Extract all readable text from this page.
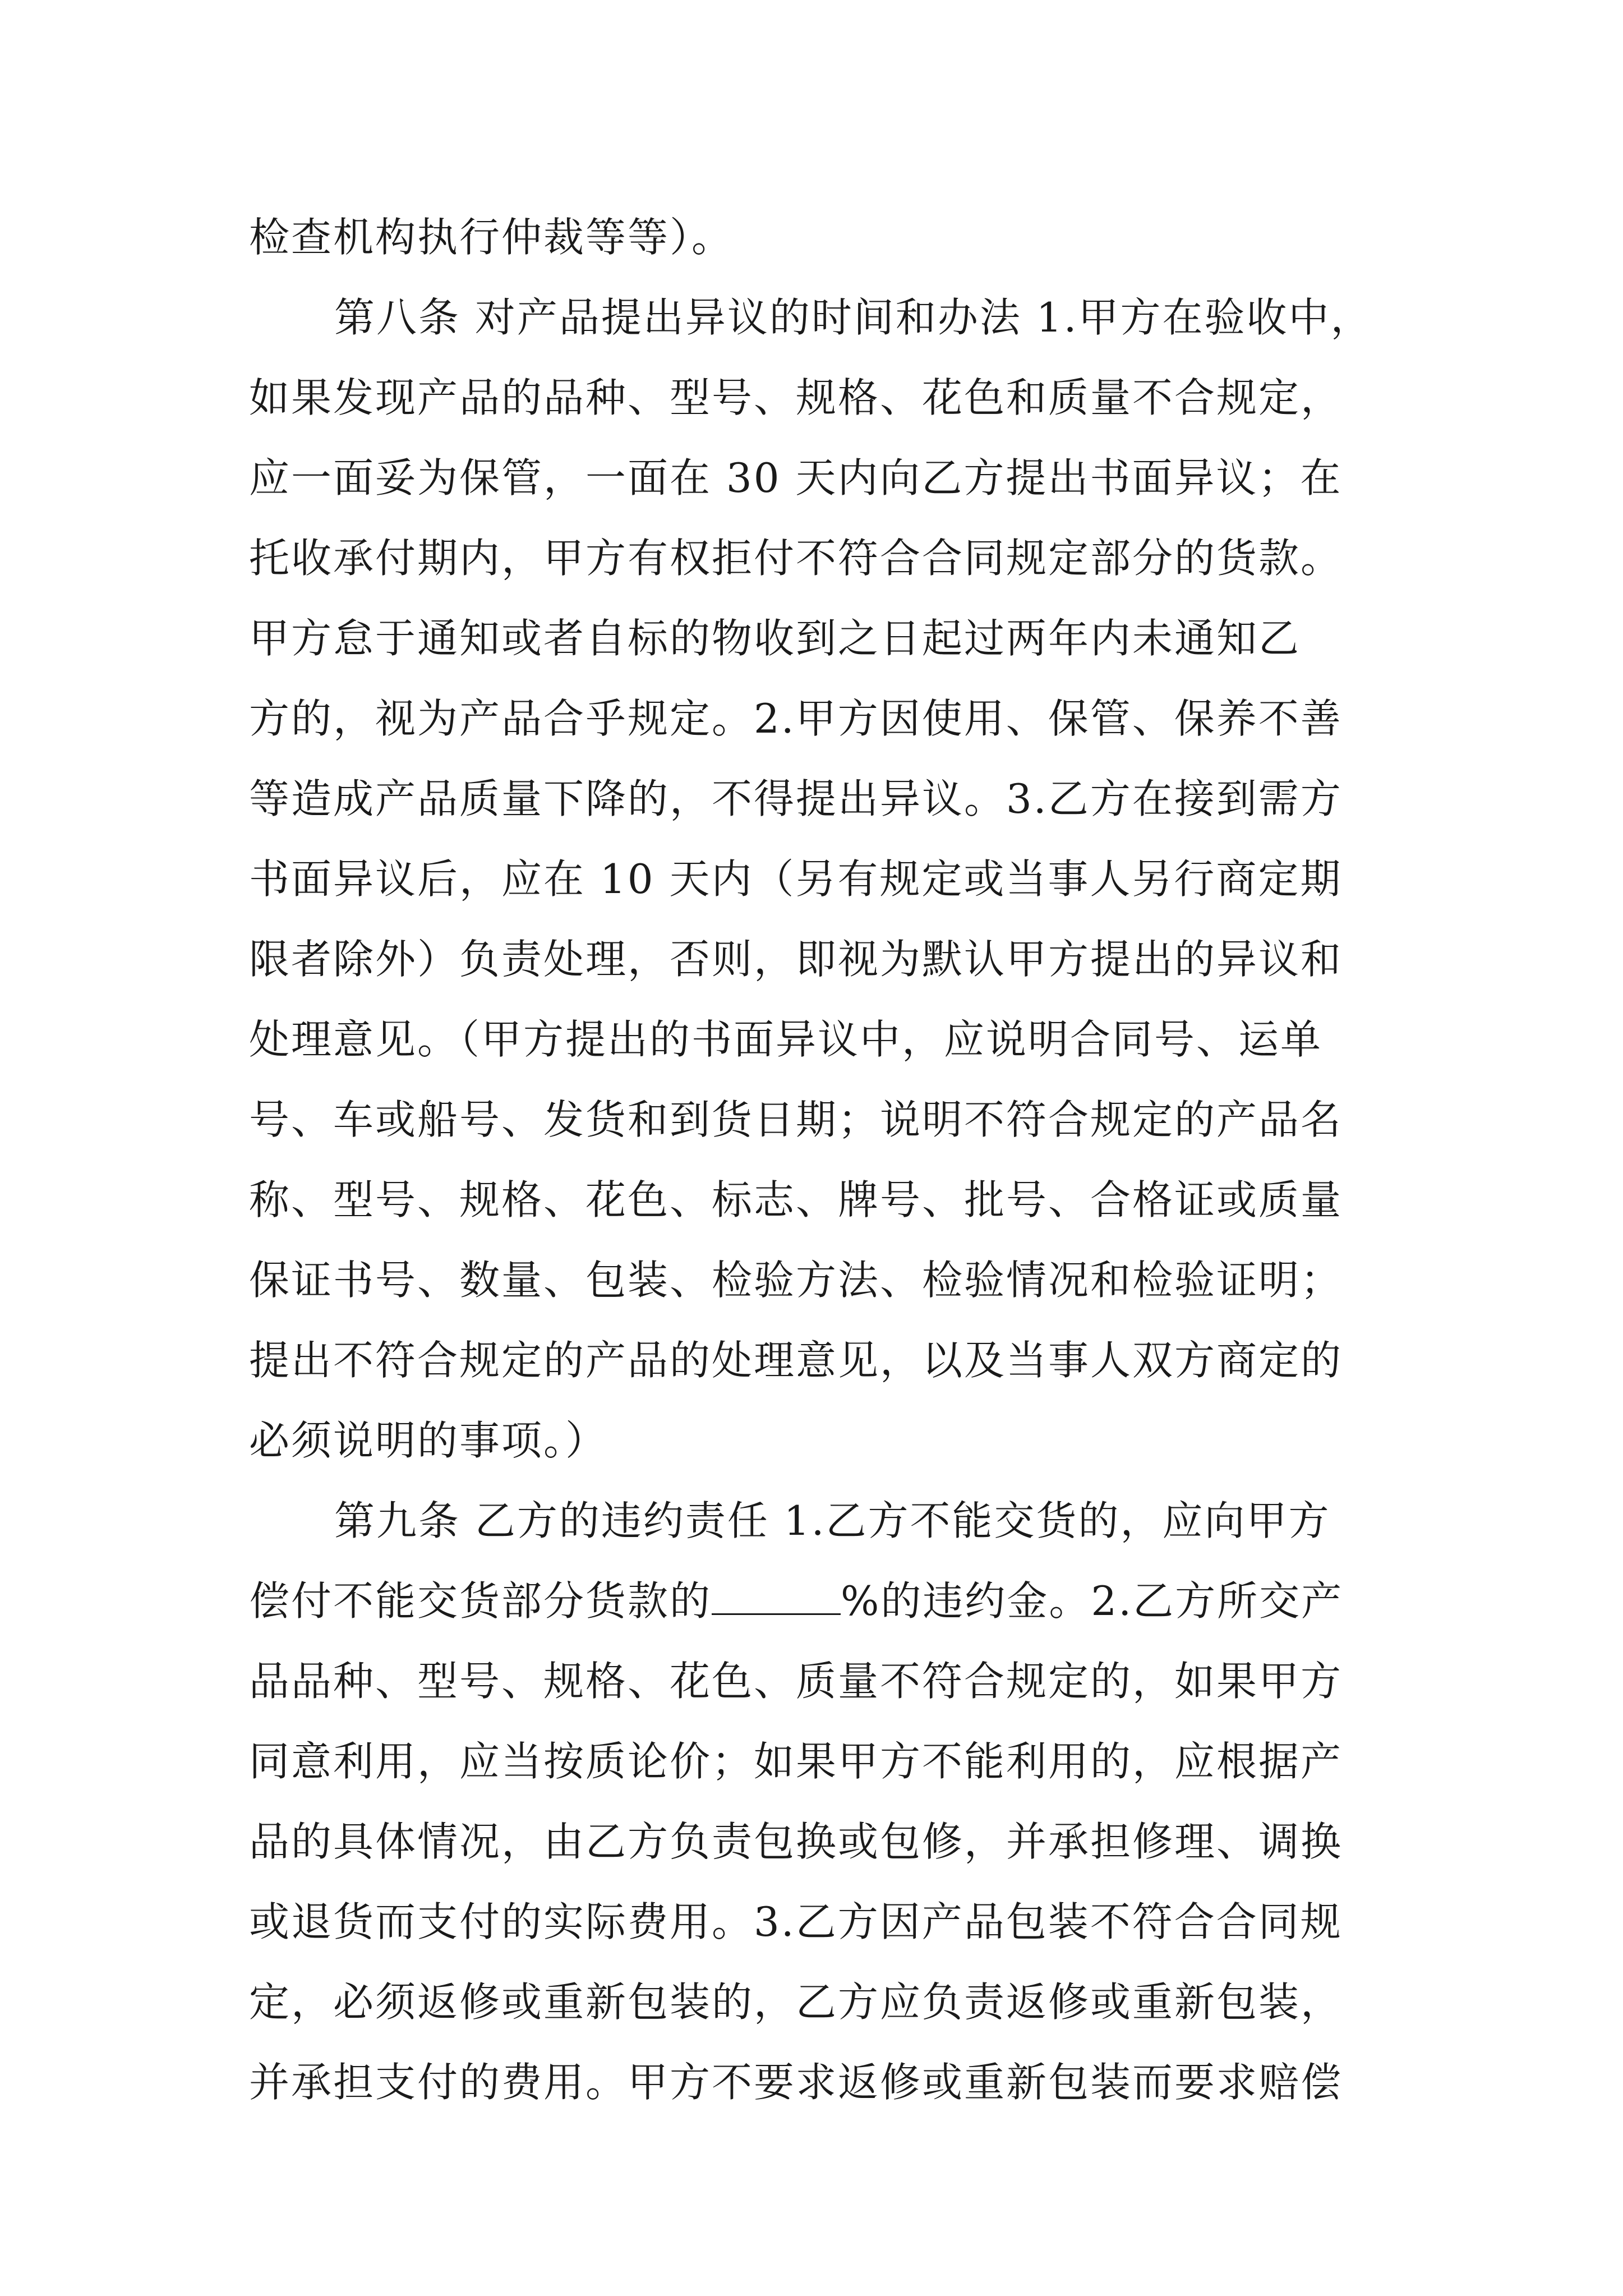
检查机构执行仲裁等等）。
第八条 对产品提出异议的时间和办法 1.甲方在验收中，
如果发现产品的品种、型号、规格、花色和质量不合规定，
应一面妥为保管，一面在 30 天内向乙方提出书面异议；在
托收承付期内，甲方有权拒付不符合合同规定部分的货款。
甲方怠于通知或者自标的物收到之日起过两年内未通知乙
方的，视为产品合乎规定。2.甲方因使用、保管、保养不善
等造成产品质量下降的，不得提出异议。3.乙方在接到需方
书面异议后，应在 10 天内（另有规定或当事人另行商定期
限者除外）负责处理，否则，即视为默认甲方提出的异议和
处理意见。（甲方提出的书面异议中，应说明合同号、运单
号、车或船号、发货和到货日期；说明不符合规定的产品名
称、型号、规格、花色、标志、牌号、批号、合格证或质量
保证书号、数量、包装、检验方法、检验情况和检验证明；
提出不符合规定的产品的处理意见，以及当事人双方商定的
必须说明的事项。）
第九条 乙方的违约责任 1.乙方不能交货的，应向甲方
偿付不能交货部分货款的	%的违约金。2.乙方所交产
品品种、型号、规格、花色、质量不符合规定的，如果甲方
同意利用，应当按质论价；如果甲方不能利用的，应根据产
品的具体情况，由乙方负责包换或包修，并承担修理、调换
或退货而支付的实际费用。3.乙方因产品包装不符合合同规
定，必须返修或重新包装的，乙方应负责返修或重新包装，
并承担支付的费用。甲方不要求返修或重新包装而要求赔偿
